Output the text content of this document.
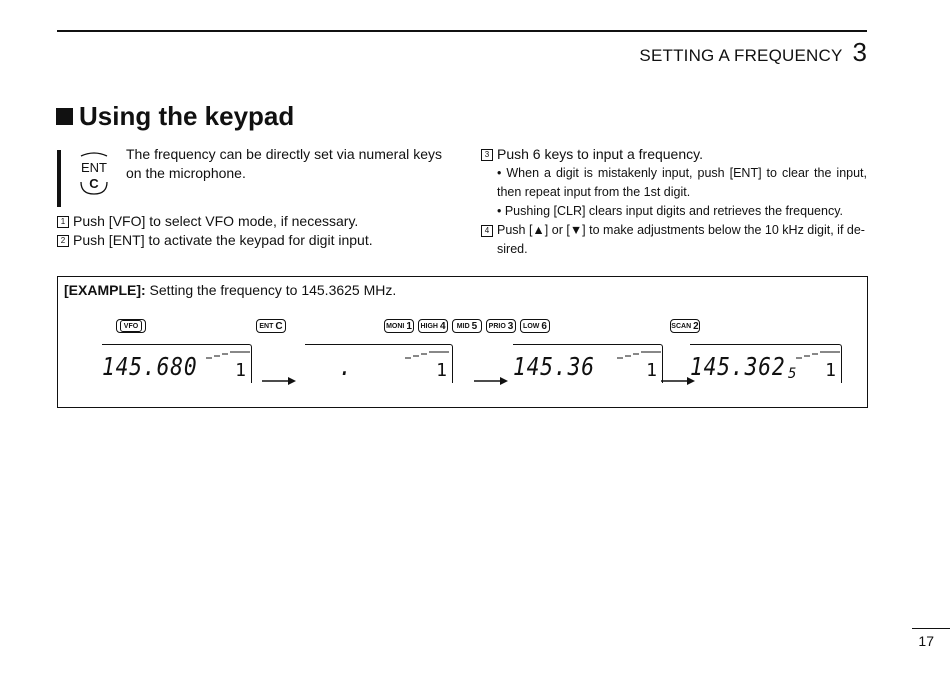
SETTING A FREQUENCY 3
Using the keypad
ENT
C
The frequency can be directly set via numeral keys on the microphone.
1 Push [VFO] to select VFO mode, if necessary.
2 Push [ENT] to activate the keypad for digit input.
3 Push 6 keys to input a frequency.
• When a digit is mistakenly input, push [ENT] to clear the input, then repeat input from the 1st digit.
• Pushing [CLR] clears input digits and retrieves the frequency.
4 Push [▲] or [▼] to make adjustments below the 10 kHz digit, if de- sired.
[EXAMPLE]: Setting the frequency to 145.3625 MHz.
VFO	ENT C	MONI 1 HIGH 4 MID 5 PRIO 3 LOW 6	SCAN 2
145.680 1	.	1	145.36	1 145.362 5 1
17
